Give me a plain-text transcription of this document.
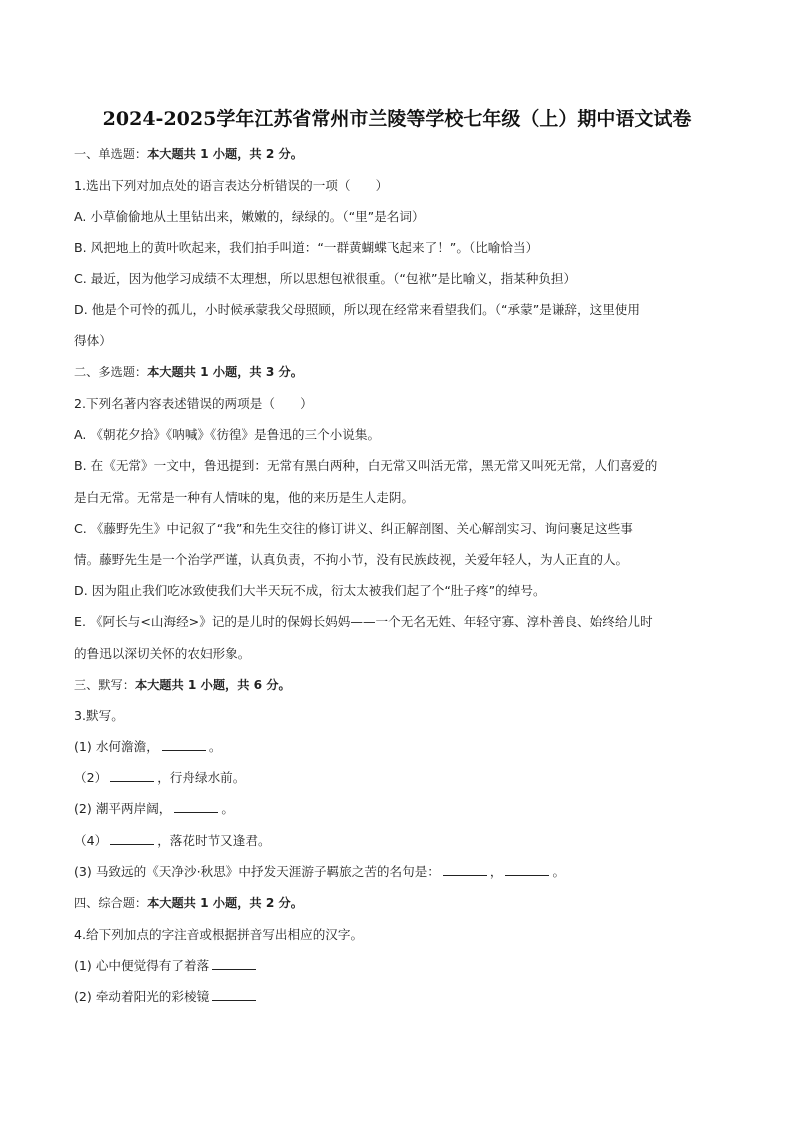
2024-2025学年江苏省常州市兰陵等学校七年级（上）期中语文试卷
一、单选题：本大题共 1 小题，共 2 分。
1.选出下列对加点处的语言表达分析错误的一项（　　）
A. 小草偷偷地从土里钻出来，嫩嫩的，绿绿的。（“里”是名词）
B. 风把地上的黄叶吹起来，我们拍手叫道：“一群黄蝴蝶飞起来了！”。（比喻恰当）
C. 最近，因为他学习成绩不太理想，所以思想包袱很重。（“包袱”是比喻义，指某种负担）
D. 他是个可怜的孤儿，小时候承蒙我父母照顾，所以现在经常来看望我们。（“承蒙”是谦辞，这里使用
得体）
二、多选题：本大题共 1 小题，共 3 分。
2.下列名著内容表述错误的两项是（　　）
A. 《朝花夕拾》《呐喊》《彷徨》是鲁迅的三个小说集。
B. 在《无常》一文中，鲁迅提到：无常有黑白两种，白无常又叫活无常，黑无常又叫死无常，人们喜爱的
是白无常。无常是一种有人情味的鬼，他的来历是生人走阴。
C. 《藤野先生》中记叙了“我”和先生交往的修订讲义、纠正解剖图、关心解剖实习、询问裹足这些事
情。藤野先生是一个治学严谨，认真负责，不拘小节，没有民族歧视，关爱年轻人，为人正直的人。
D. 因为阻止我们吃冰致使我们大半天玩不成，衍太太被我们起了个“肚子疼”的绰号。
E. 《阿长与<山海经>》记的是儿时的保姆长妈妈——一个无名无姓、年轻守寡、淳朴善良、始终给儿时
的鲁迅以深切关怀的农妇形象。
三、默写：本大题共 1 小题，共 6 分。
3.默写。
(1) 水何澹澹，	。
（2）	，行舟绿水前。
(2) 潮平两岸阔，	。
（4）	，落花时节又逢君。
(3) 马致远的《天净沙·秋思》中抒发天涯游子羁旅之苦的名句是：	，	。
四、综合题：本大题共 1 小题，共 2 分。
4.给下列加点的字注音或根据拼音写出相应的汉字。
(1) 心中便觉得有了着落
(2) 牵动着阳光的彩棱镜
